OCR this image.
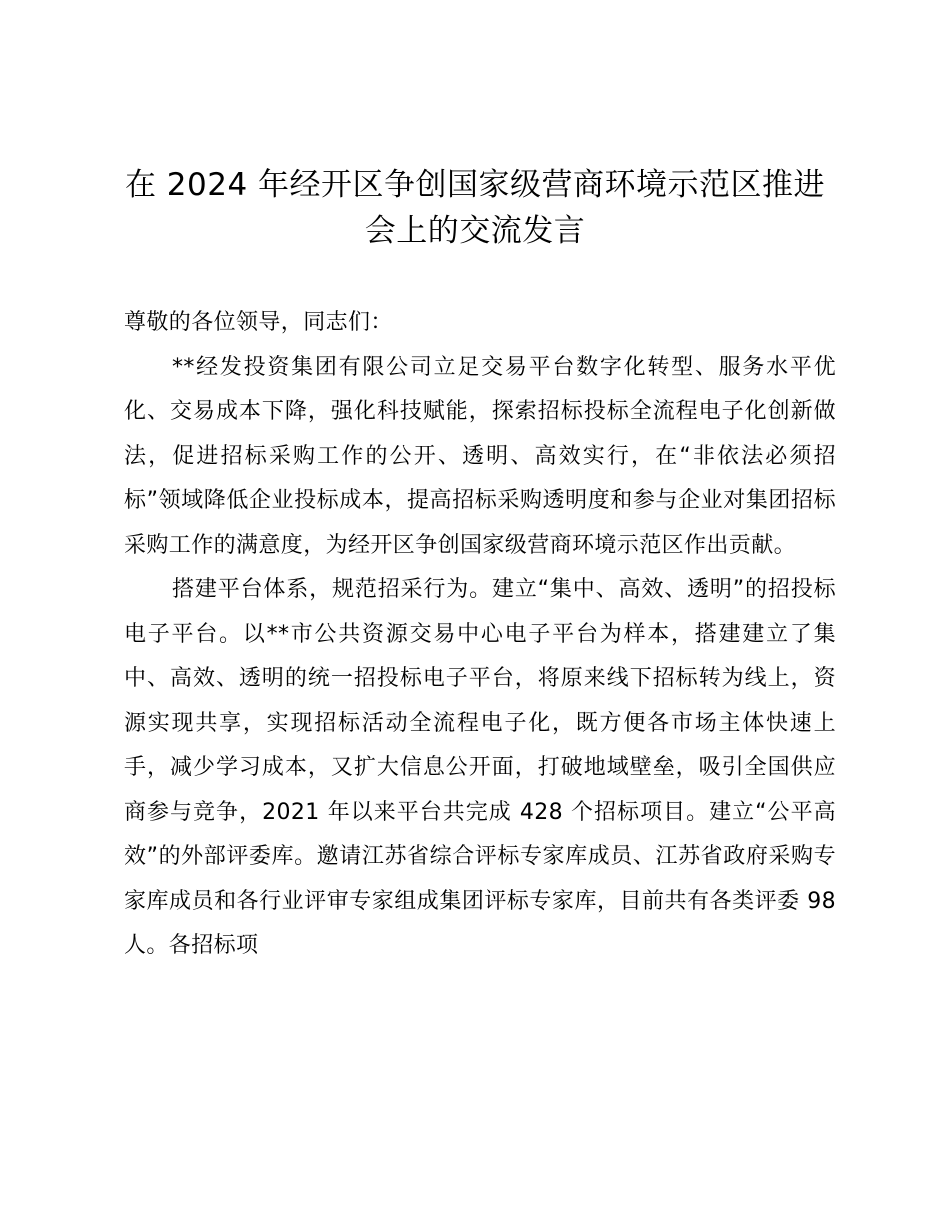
在 2024 年经开区争创国家级营商环境示范区推进会上的交流发言

尊敬的各位领导，同志们：

**经发投资集团有限公司立足交易平台数字化转型、服务水平优化、交易成本下降，强化科技赋能，探索招标投标全流程电子化创新做法，促进招标采购工作的公开、透明、高效实行，在“非依法必须招标”领域降低企业投标成本，提高招标采购透明度和参与企业对集团招标采购工作的满意度，为经开区争创国家级营商环境示范区作出贡献。

搭建平台体系，规范招采行为。建立“集中、高效、透明”的招投标电子平台。以**市公共资源交易中心电子平台为样本，搭建建立了集中、高效、透明的统一招投标电子平台，将原来线下招标转为线上，资源实现共享，实现招标活动全流程电子化，既方便各市场主体快速上手，减少学习成本，又扩大信息公开面，打破地域壁垒，吸引全国供应商参与竞争，2021 年以来平台共完成 428 个招标项目。建立“公平高效”的外部评委库。邀请江苏省综合评标专家库成员、江苏省政府采购专家库成员和各行业评审专家组成集团评标专家库，目前共有各类评委 98 人。各招标项
